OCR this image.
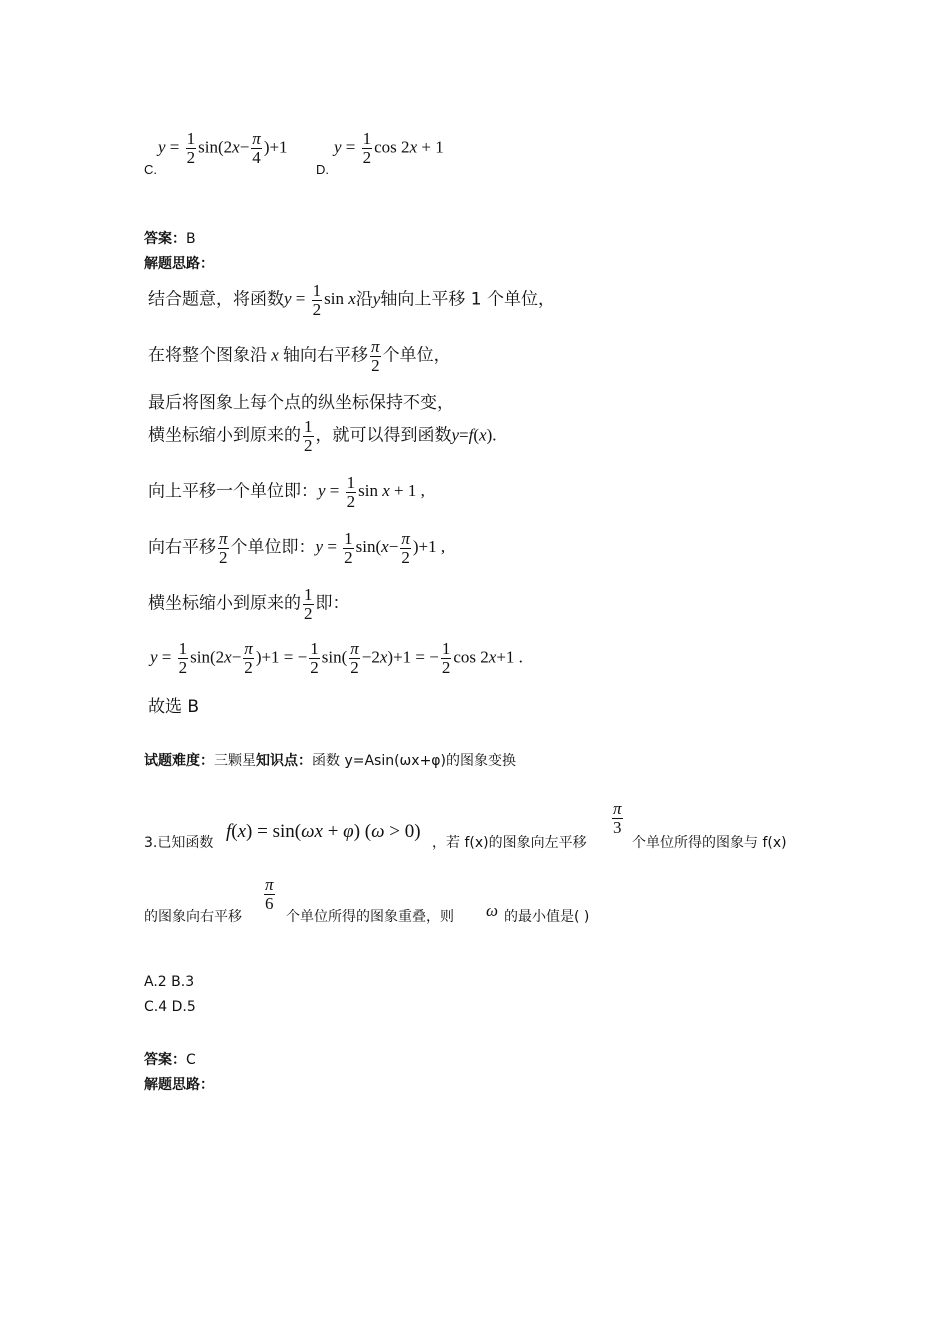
C.
$y = \frac{1}{2} \sin(2x- \frac{\pi}{4} )+1$
D.
$y = \frac{1}{2}$ cos 2x + 1
答案：B
解题思路：
结合题意，将函数$y = \frac{1}{2}$ sin x沿y轴向上平移 1 个单位，
在将整个图象沿 x 轴向右平移 $\frac{\pi}{2}$ 个单位，
最后将图象上每个点的纵坐标保持不变，
横坐标缩小到原来的 $\frac{1}{2}$ ，就可以得到函数y=f(x).
向上平移一个单位即：$y = \frac{1}{2}$ sin x + 1 ,
向右平移 $\frac{\pi}{2}$ 个单位即：$y = \frac{1}{2} \sin(x- \frac{\pi}{2} )+1$ ,
横坐标缩小到原来的 $\frac{1}{2}$ 即：
$y = \frac{1}{2} \sin(2x- \frac{\pi}{2} )+1$ = − $\frac{1}{2} \sin( \frac{\pi}{2} -2x)+1$ = − $\frac{1}{2}$ cos 2x+1 .
故选 B
试题难度：三颗星知识点：函数 y=Asin(ωx+φ)的图象变换
3.已知函数
f(x) = sin(ωx + φ) (ω > 0)
，若 f(x)的图象向左平移
$\frac{\pi}{3}$
个单位所得的图象与 f(x)
的图象向右平移
$\frac{\pi}{6}$
个单位所得的图象重叠，则 ω 的最小值是( )
A.2 B.3
C.4 D.5
答案：C
解题思路：
